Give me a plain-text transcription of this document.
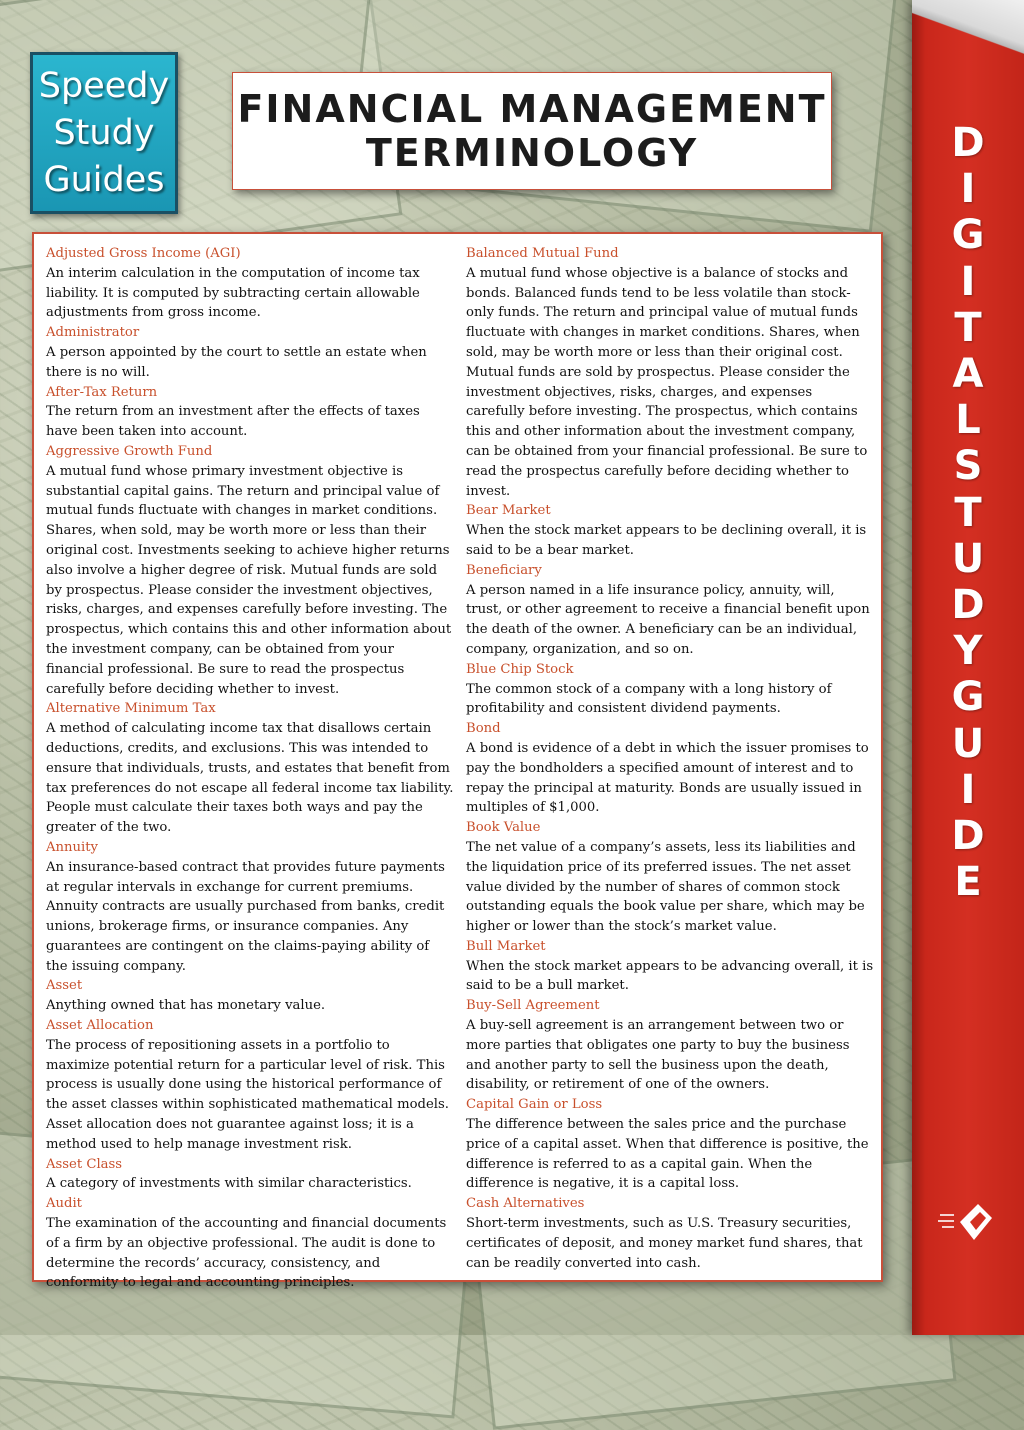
Speedy
Study
Guides
FINANCIAL MANAGEMENT
TERMINOLOGY
Adjusted Gross Income (AGI)

An interim calculation in the computation of income tax liability. It is computed by subtracting certain allowable adjustments from gross income.

Administrator

A person appointed by the court to settle an estate when there is no will.

After-Tax Return

The return from an investment after the effects of taxes have been taken into account.

Aggressive Growth Fund

A mutual fund whose primary investment objective is substantial capital gains. The return and principal value of mutual funds fluctuate with changes in market conditions. Shares, when sold, may be worth more or less than their original cost. Investments seeking to achieve higher returns also involve a higher degree of risk. Mutual funds are sold by prospectus. Please consider the investment objectives, risks, charges, and expenses carefully before investing. The prospectus, which contains this and other information about the investment company, can be obtained from your financial professional. Be sure to read the prospectus carefully before deciding whether to invest.

Alternative Minimum Tax

A method of calculating income tax that disallows certain deductions, credits, and exclusions. This was intended to ensure that individuals, trusts, and estates that benefit from tax preferences do not escape all federal income tax liability. People must calculate their taxes both ways and pay the greater of the two.

Annuity

An insurance-based contract that provides future payments at regular intervals in exchange for current premiums. Annuity contracts are usually purchased from banks, credit unions, brokerage firms, or insurance companies. Any guarantees are contingent on the claims-paying ability of the issuing company.

Asset

Anything owned that has monetary value.

Asset Allocation

The process of repositioning assets in a portfolio to maximize potential return for a particular level of risk. This process is usually done using the historical performance of the asset classes within sophisticated mathematical models. Asset allocation does not guarantee against loss; it is a method used to help manage investment risk.

Asset Class

A category of investments with similar characteristics.

Audit

The examination of the accounting and financial documents of a firm by an objective professional. The audit is done to determine the records’ accuracy, consistency, and conformity to legal and accounting principles.

Balanced Mutual Fund

A mutual fund whose objective is a balance of stocks and bonds. Balanced funds tend to be less volatile than stock-only funds. The return and principal value of mutual funds fluctuate with changes in market conditions. Shares, when sold, may be worth more or less than their original cost. Mutual funds are sold by prospectus. Please consider the investment objectives, risks, charges, and expenses carefully before investing. The prospectus, which contains this and other information about the investment company, can be obtained from your financial professional. Be sure to read the prospectus carefully before deciding whether to invest.

Bear Market

When the stock market appears to be declining overall, it is said to be a bear market.

Beneficiary

A person named in a life insurance policy, annuity, will, trust, or other agreement to receive a financial benefit upon the death of the owner. A beneficiary can be an individual, company, organization, and so on.

Blue Chip Stock

The common stock of a company with a long history of profitability and consistent dividend payments.

Bond

A bond is evidence of a debt in which the issuer promises to pay the bondholders a specified amount of interest and to repay the principal at maturity. Bonds are usually issued in multiples of $1,000.

Book Value

The net value of a company’s assets, less its liabilities and the liquidation price of its preferred issues. The net asset value divided by the number of shares of common stock outstanding equals the book value per share, which may be higher or lower than the stock’s market value.

Bull Market

When the stock market appears to be advancing overall, it is said to be a bull market.

Buy-Sell Agreement

A buy-sell agreement is an arrangement between two or more parties that obligates one party to buy the business and another party to sell the business upon the death, disability, or retirement of one of the owners.

Capital Gain or Loss

The difference between the sales price and the purchase price of a capital asset. When that difference is positive, the difference is referred to as a capital gain. When the difference is negative, it is a capital loss.

Cash Alternatives

Short-term investments, such as U.S. Treasury securities, certificates of deposit, and money market fund shares, that can be readily converted into cash.

D
I
G
I
T
A
L
S
T
U
D
Y
G
U
I
D
E
